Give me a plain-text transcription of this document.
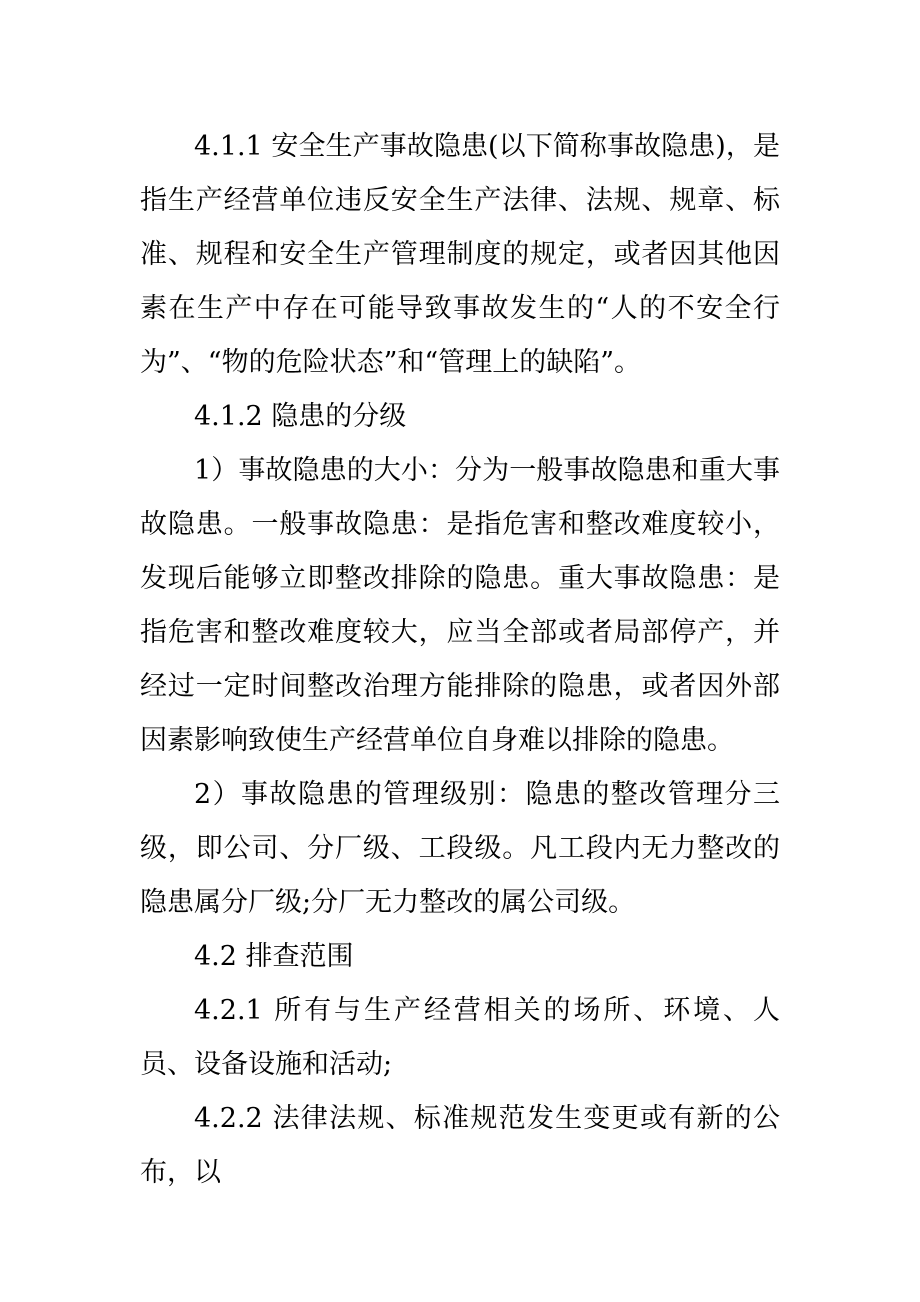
4.1.1 安全生产事故隐患(以下简称事故隐患)，是指生产经营单位违反安全生产法律、法规、规章、标准、规程和安全生产管理制度的规定，或者因其他因素在生产中存在可能导致事故发生的“人的不安全行为”、“物的危险状态”和“管理上的缺陷”。

4.1.2 隐患的分级

1）事故隐患的大小：分为一般事故隐患和重大事故隐患。一般事故隐患：是指危害和整改难度较小，发现后能够立即整改排除的隐患。重大事故隐患：是指危害和整改难度较大，应当全部或者局部停产，并经过一定时间整改治理方能排除的隐患，或者因外部因素影响致使生产经营单位自身难以排除的隐患。

2）事故隐患的管理级别：隐患的整改管理分三级，即公司、分厂级、工段级。凡工段内无力整改的隐患属分厂级;分厂无力整改的属公司级。

4.2 排查范围

4.2.1 所有与生产经营相关的场所、环境、人员、设备设施和活动;

4.2.2 法律法规、标准规范发生变更或有新的公布，以
